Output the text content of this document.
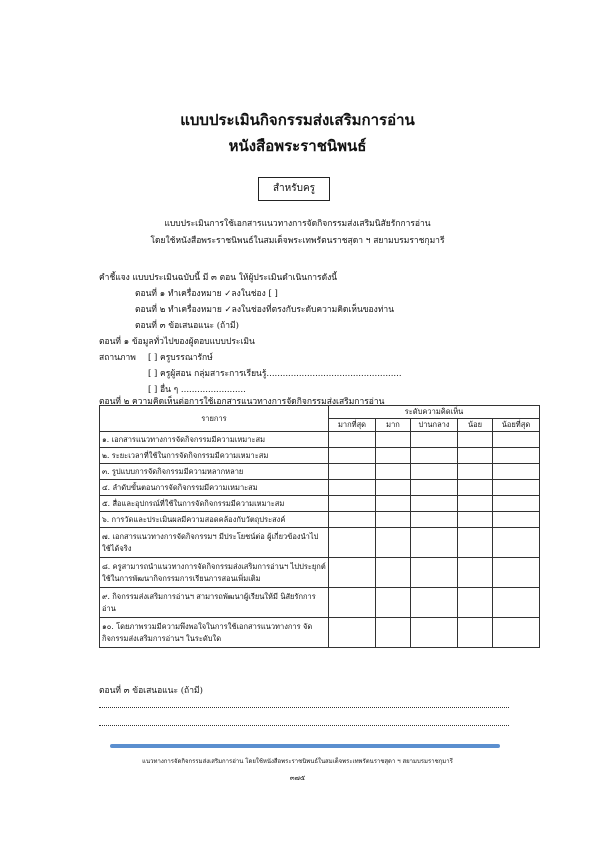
แบบประเมินกิจกรรมส่งเสริมการอ่าน
หนังสือพระราชนิพนธ์
สำหรับครู
แบบประเมินการใช้เอกสารแนวทางการจัดกิจกรรมส่งเสริมนิสัยรักการอ่าน
โดยใช้หนังสือพระราชนิพนธ์ในสมเด็จพระเทพรัตนราชสุดา ฯ สยามบรมราชกุมารี
คำชี้แจง แบบประเมินฉบับนี้ มี ๓ ตอน ให้ผู้ประเมินดำเนินการดังนี้
ตอนที่ ๑ ทำเครื่องหมาย ✓ลงในช่อง [ ]
ตอนที่ ๒ ทำเครื่องหมาย ✓ลงในช่องที่ตรงกับระดับความคิดเห็นของท่าน
ตอนที่ ๓ ข้อเสนอแนะ (ถ้ามี)
ตอนที่ ๑ ข้อมูลทั่วไปของผู้ตอบแบบประเมิน
สถานภาพ [ ] ครูบรรณารักษ์
[ ] ครูผู้สอน กลุ่มสาระการเรียนรู้..................................................
[ ] อื่น ๆ ........................
ตอนที่ ๒ ความคิดเห็นต่อการใช้เอกสารแนวทางการจัดกิจกรรมส่งเสริมการอ่าน
รายการ	ระดับความคิดเห็น				
	มากที่สุด	มาก	ปานกลาง	น้อย	น้อยที่สุด
๑. เอกสารแนวทางการจัดกิจกรรมมีความเหมาะสม					
๒. ระยะเวลาที่ใช้ในการจัดกิจกรรมมีความเหมาะสม					
๓. รูปแบบการจัดกิจกรรมมีความหลากหลาย					
๔. ลำดับขั้นตอนการจัดกิจกรรมมีความเหมาะสม					
๕. สื่อและอุปกรณ์ที่ใช้ในการจัดกิจกรรมมีความเหมาะสม					
๖. การวัดและประเมินผลมีความสอดคล้องกับวัตถุประสงค์					
๗. เอกสารแนวทางการจัดกิจกรรมฯ มีประโยชน์ต่อ ผู้เกี่ยวข้องนำไปใช้ได้จริง					
๘. ครูสามารถนำแนวทางการจัดกิจกรรมส่งเสริมการอ่านฯ ไปประยุกต์ใช้ในการพัฒนากิจกรรมการเรียนการสอนเพิ่มเติม					
๙. กิจกรรมส่งเสริมการอ่านฯ สามารถพัฒนาผู้เรียนให้มี นิสัยรักการอ่าน					
๑๐. โดยภาพรวมมีความพึงพอใจในการใช้เอกสารแนวทางการ จัดกิจกรรมส่งเสริมการอ่านฯ ในระดับใด					
ตอนที่ ๓ ข้อเสนอแนะ (ถ้ามี)
แนวทางการจัดกิจกรรมส่งเสริมการอ่าน โดยใช้หนังสือพระราชนิพนธ์ในสมเด็จพระเทพรัตนราชสุดา ฯ สยามบรมราชกุมารี
๓๗๕
